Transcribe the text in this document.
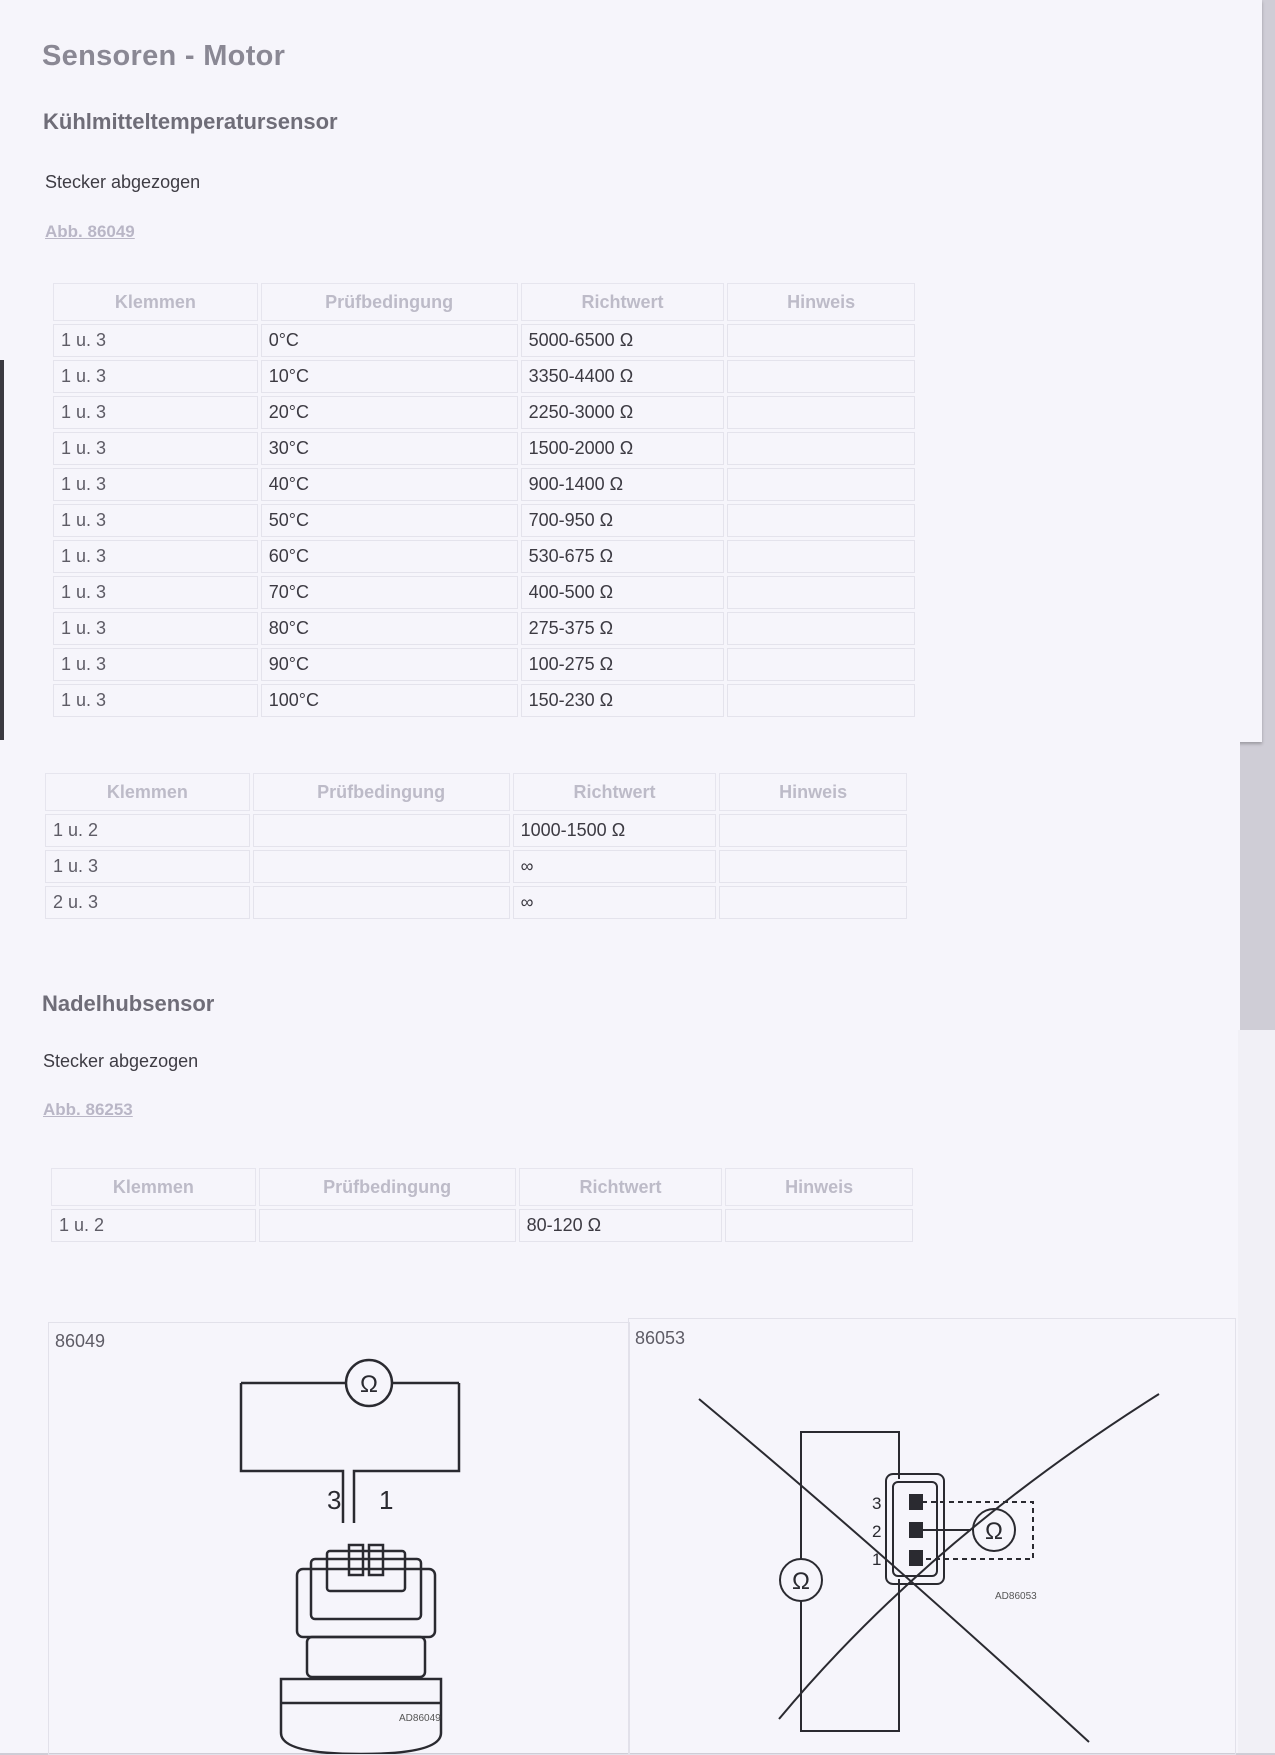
Sensoren - Motor
Kühlmitteltemperatursensor
Stecker abgezogen
Abb. 86049
Klemmen	Prüfbedingung	Richtwert	Hinweis
1 u. 3	0°C	5000-6500 Ω	
1 u. 3	10°C	3350-4400 Ω	
1 u. 3	20°C	2250-3000 Ω	
1 u. 3	30°C	1500-2000 Ω	
1 u. 3	40°C	900-1400 Ω	
1 u. 3	50°C	700-950 Ω	
1 u. 3	60°C	530-675 Ω	
1 u. 3	70°C	400-500 Ω	
1 u. 3	80°C	275-375 Ω	
1 u. 3	90°C	100-275 Ω	
1 u. 3	100°C	150-230 Ω	
Klemmen	Prüfbedingung	Richtwert	Hinweis
1 u. 2		1000-1500 Ω	
1 u. 3		∞	
2 u. 3		∞	
Nadelhubsensor
Stecker abgezogen
Abb. 86253
Klemmen	Prüfbedingung	Richtwert	Hinweis
1 u. 2		80-120 Ω	
86049
Ω
3 1
AD86049
86053
Ω
Ω
3
2
1
AD86053
